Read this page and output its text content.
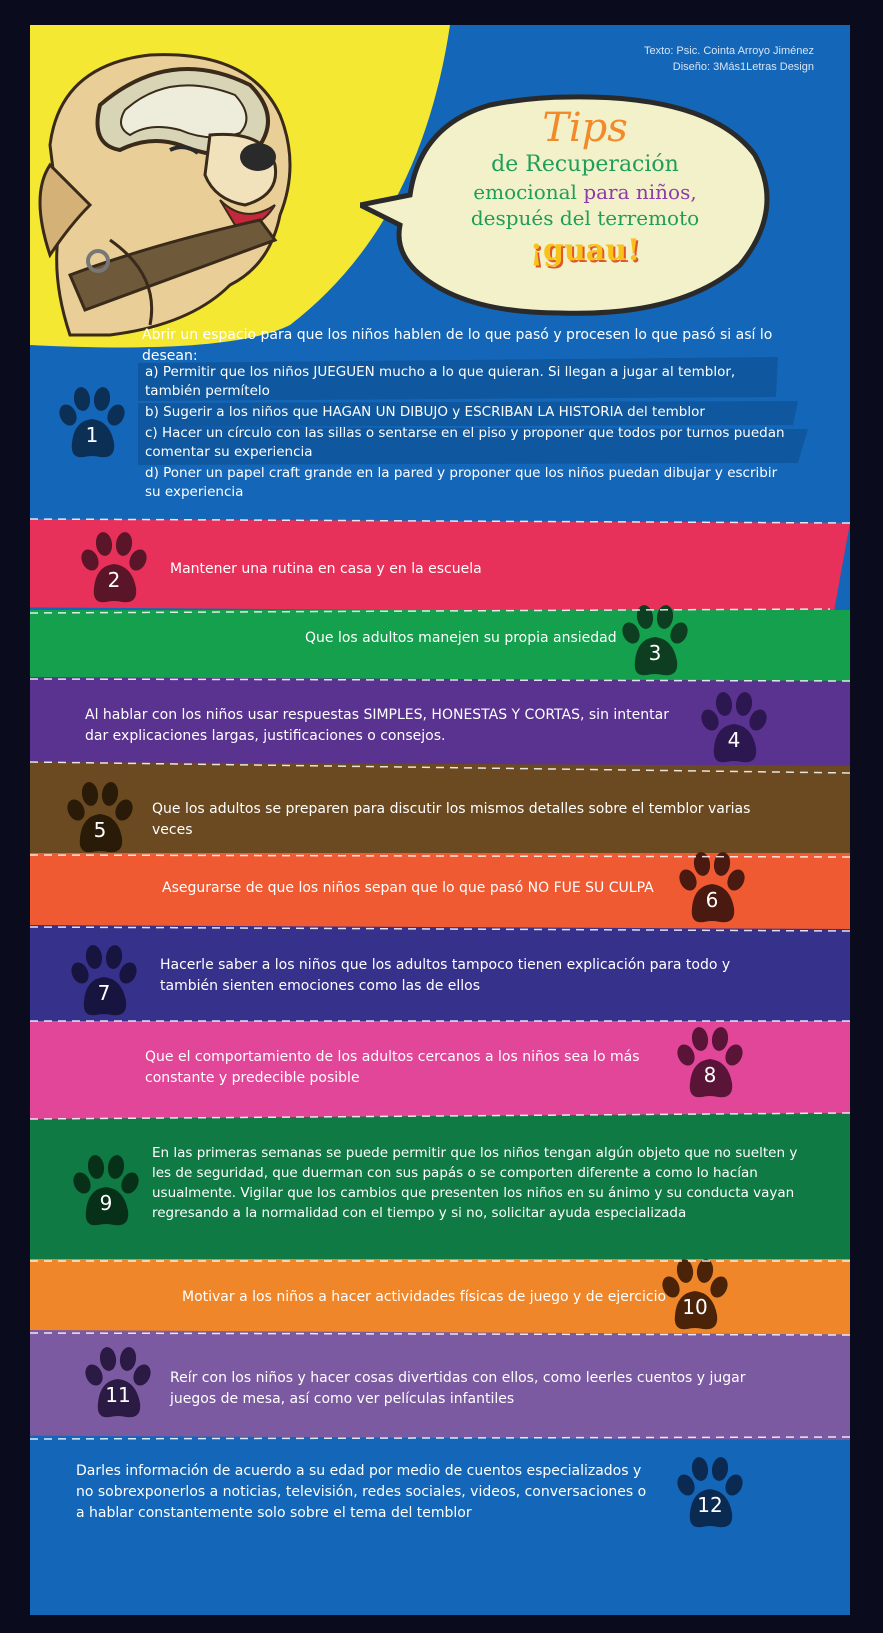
Texto: Psic. Cointa Arroyo Jiménez
Diseño: 3Más1Letras Design
Tips
de Recuperación
emocional para niños,
después del terremoto
¡guau!
Abrir un espacio para que los niños hablen de lo que pasó y procesen lo que pasó si así lo desean:
a) Permitir que los niños JUEGUEN mucho a lo que quieran. Si llegan a jugar al temblor, también permítelo
b) Sugerir a los niños que HAGAN UN DIBUJO y ESCRIBAN LA HISTORIA del temblor
c) Hacer un círculo con las sillas o sentarse en el piso y proponer que todos por turnos puedan comentar su experiencia
d) Poner un papel craft grande en la pared y proponer que los niños puedan dibujar y escribir su experiencia
1
Mantener una rutina en casa y en la escuela
2
Que los adultos manejen su propia ansiedad
3
Al hablar con los niños usar respuestas SIMPLES, HONESTAS Y CORTAS, sin intentar dar explicaciones largas, justificaciones o consejos.	4
Que los adultos se preparen para discutir los mismos detalles sobre el temblor varias veces
5
Asegurarse de que los niños sepan que lo que pasó NO FUE SU CULPA	6
Hacerle saber a los niños que los adultos tampoco tienen explicación para todo y también sienten emociones como las de ellos
7
Que el comportamiento de los adultos cercanos a los niños sea lo más constante y predecible posible	8
En las primeras semanas se puede permitir que los niños tengan algún objeto que no suelten y les de seguridad, que duerman con sus papás o se comporten diferente a como lo hacían usualmente. Vigilar que los cambios que presenten los niños en su ánimo y su conducta vayan regresando a la normalidad con el tiempo y si no, solicitar ayuda especializada
9
Motivar a los niños a hacer actividades físicas de juego y de ejercicio 10
Reír con los niños y hacer cosas divertidas con ellos, como leerles cuentos y jugar juegos de mesa, así como ver películas infantiles
11
Darles información de acuerdo a su edad por medio de cuentos especializados y no sobrexponerlos a noticias, televisión, redes sociales, videos, conversaciones o a hablar constantemente solo sobre el tema del temblor	12
